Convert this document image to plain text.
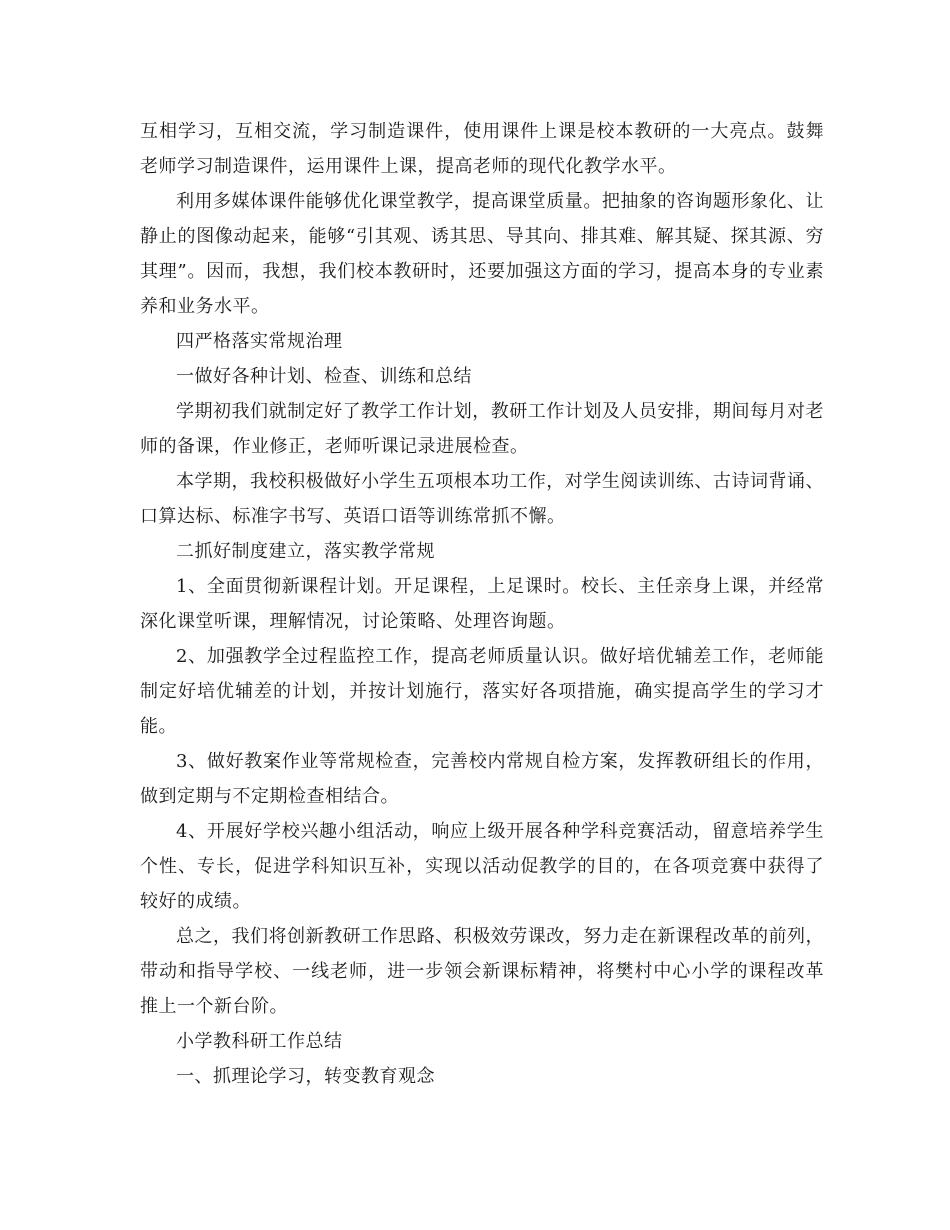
互相学习，互相交流，学习制造课件，使用课件上课是校本教研的一大亮点。鼓舞老师学习制造课件，运用课件上课，提高老师的现代化教学水平。

利用多媒体课件能够优化课堂教学，提高课堂质量。把抽象的咨询题形象化、让静止的图像动起来，能够“引其观、诱其思、导其向、排其难、解其疑、探其源、穷其理”。因而，我想，我们校本教研时，还要加强这方面的学习，提高本身的专业素养和业务水平。

四严格落实常规治理

一做好各种计划、检查、训练和总结

学期初我们就制定好了教学工作计划，教研工作计划及人员安排，期间每月对老师的备课，作业修正，老师听课记录进展检查。

本学期，我校积极做好小学生五项根本功工作，对学生阅读训练、古诗词背诵、口算达标、标准字书写、英语口语等训练常抓不懈。

二抓好制度建立，落实教学常规

1、全面贯彻新课程计划。开足课程，上足课时。校长、主任亲身上课，并经常深化课堂听课，理解情况，讨论策略、处理咨询题。

2、加强教学全过程监控工作，提高老师质量认识。做好培优辅差工作，老师能制定好培优辅差的计划，并按计划施行，落实好各项措施，确实提高学生的学习才能。

3、做好教案作业等常规检查，完善校内常规自检方案，发挥教研组长的作用，做到定期与不定期检查相结合。

4、开展好学校兴趣小组活动，响应上级开展各种学科竞赛活动，留意培养学生个性、专长，促进学科知识互补，实现以活动促教学的目的，在各项竞赛中获得了较好的成绩。

总之，我们将创新教研工作思路、积极效劳课改，努力走在新课程改革的前列，带动和指导学校、一线老师，进一步领会新课标精神，将樊村中心小学的课程改革推上一个新台阶。

小学教科研工作总结

一、抓理论学习，转变教育观念
